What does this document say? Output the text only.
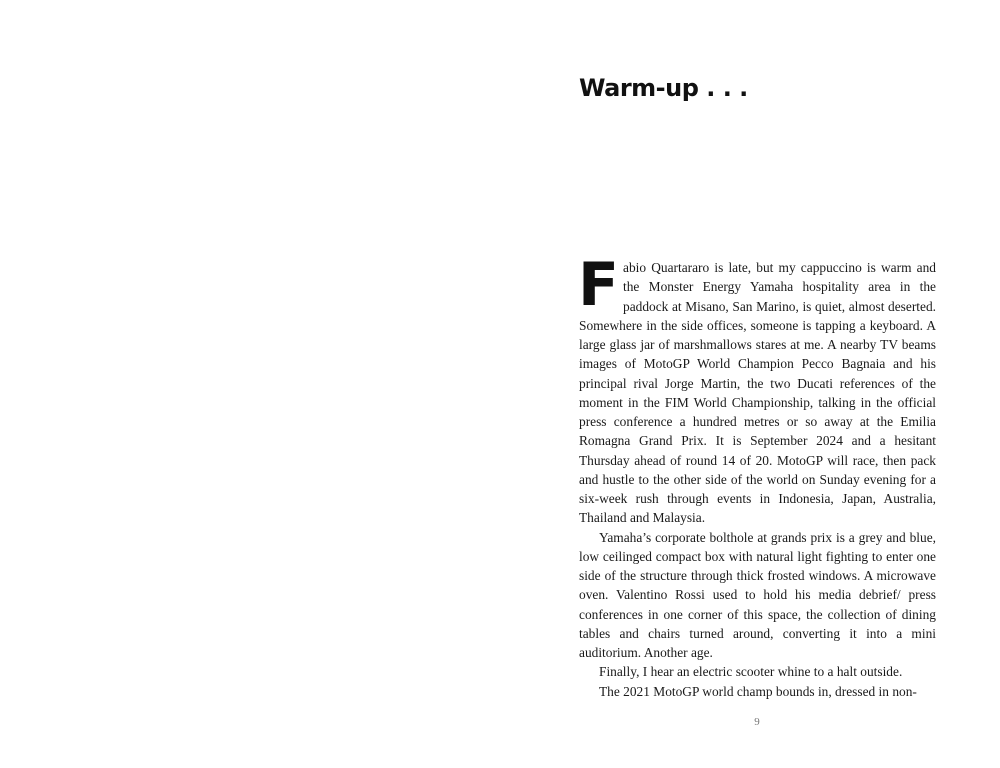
Warm-up . . .

Fabio Quartararo is late, but my cappuccino is warm and the Monster Energy Yamaha hospitality area in the paddock at Misano, San Marino, is quiet, almost deserted. Somewhere in the side offices, someone is tapping a keyboard. A large glass jar of marshmallows stares at me. A nearby TV beams images of MotoGP World Champion Pecco Bagnaia and his principal rival Jorge Martin, the two Ducati references of the moment in the FIM World Championship, talking in the official press conference a hundred metres or so away at the Emilia Romagna Grand Prix. It is September 2024 and a hesitant Thursday ahead of round 14 of 20. MotoGP will race, then pack and hustle to the other side of the world on Sunday evening for a six-week rush through events in Indonesia, Japan, Australia, Thailand and Malaysia.

Yamaha’s corporate bolthole at grands prix is a grey and blue, low ceilinged compact box with natural light fighting to enter one side of the structure through thick frosted windows. A microwave oven. Valentino Rossi used to hold his media debrief/ press conferences in one corner of this space, the collection of dining tables and chairs turned around, converting it into a mini auditorium. Another age.

Finally, I hear an electric scooter whine to a halt outside.

The 2021 MotoGP world champ bounds in, dressed in non-

9
